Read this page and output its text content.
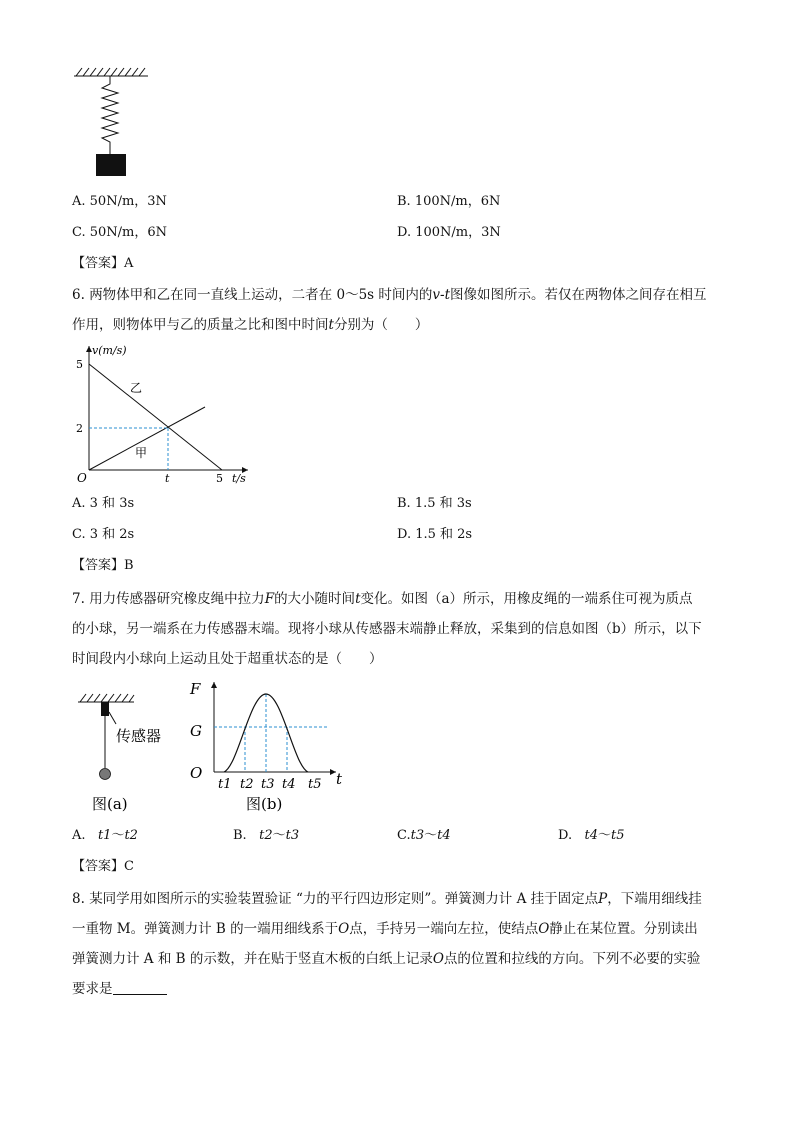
A. 50N/m，3N	B. 100N/m，6N
C. 50N/m，6N	D. 100N/m，3N
【答案】A
6. 两物体甲和乙在同一直线上运动，二者在 0～5s 时间内的v-t图像如图所示。若仅在两物体之间存在相互
作用，则物体甲与乙的质量之比和图中时间t分别为（　　）
v(m/s)
5
2
O	t	5 t/s
乙
甲
A. 3 和 3s	B. 1.5 和 3s
C. 3 和 2s	D. 1.5 和 2s
【答案】B
7. 用力传感器研究橡皮绳中拉力F的大小随时间t变化。如图（a）所示，用橡皮绳的一端系住可视为质点
的小球，另一端系在力传感器末端。现将小球从传感器末端静止释放，采集到的信息如图（b）所示，以下
时间段内小球向上运动且处于超重状态的是（　　）
传感器
图(a)
F
G
O	t
t1 t2 t3 t4 t5
图(b)
A. t1～t2	B. t2～t3	C.t3～t4	D. t4～t5
【答案】C
8. 某同学用如图所示的实验装置验证 “力的平行四边形定则”。弹簧测力计 A 挂于固定点P，下端用细线挂
一重物 M。弹簧测力计 B 的一端用细线系于O点，手持另一端向左拉，使结点O静止在某位置。分别读出
弹簧测力计 A 和 B 的示数，并在贴于竖直木板的白纸上记录O点的位置和拉线的方向。下列不必要的实验
要求是
